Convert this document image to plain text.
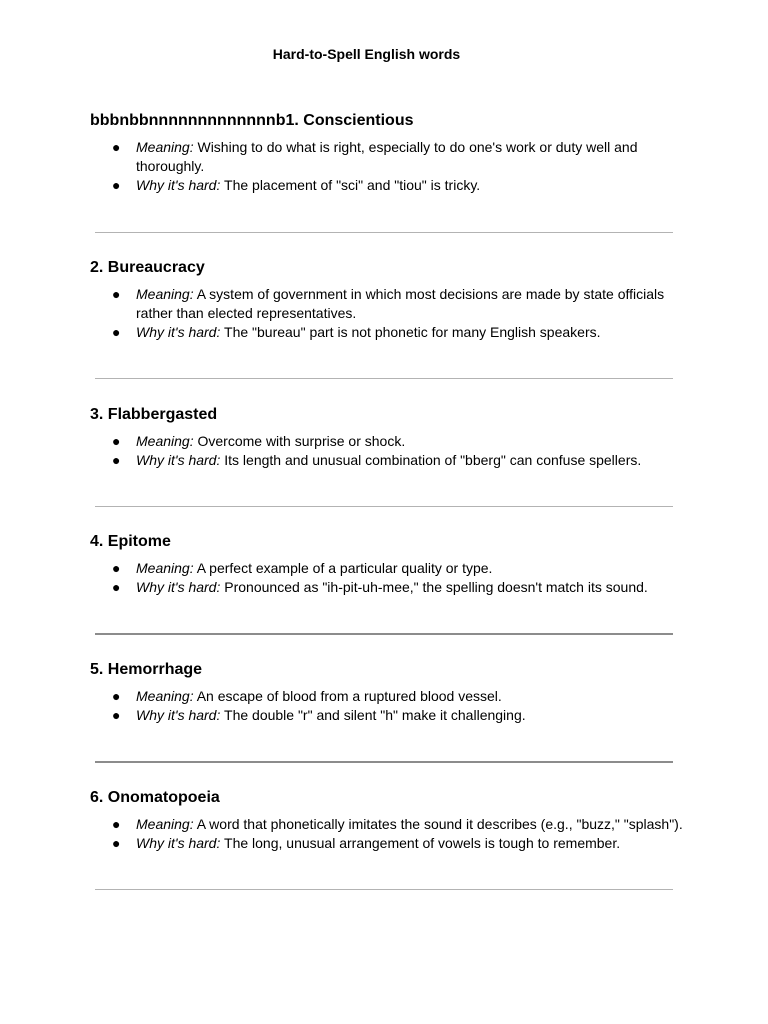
Hard-to-Spell English words
bbbnbbnnnnnnnnnnnnnb1. Conscientious
● Meaning: Wishing to do what is right, especially to do one's work or duty well and thoroughly.
● Why it's hard: The placement of "sci" and "tiou" is tricky.
2. Bureaucracy
● Meaning: A system of government in which most decisions are made by state officials rather than elected representatives.
● Why it's hard: The "bureau" part is not phonetic for many English speakers.
3. Flabbergasted
● Meaning: Overcome with surprise or shock.
● Why it's hard: Its length and unusual combination of "bberg" can confuse spellers.
4. Epitome
● Meaning: A perfect example of a particular quality or type.
● Why it's hard: Pronounced as "ih-pit-uh-mee," the spelling doesn't match its sound.
5. Hemorrhage
● Meaning: An escape of blood from a ruptured blood vessel.
● Why it's hard: The double "r" and silent "h" make it challenging.
6. Onomatopoeia
● Meaning: A word that phonetically imitates the sound it describes (e.g., "buzz," "splash").
● Why it's hard: The long, unusual arrangement of vowels is tough to remember.
